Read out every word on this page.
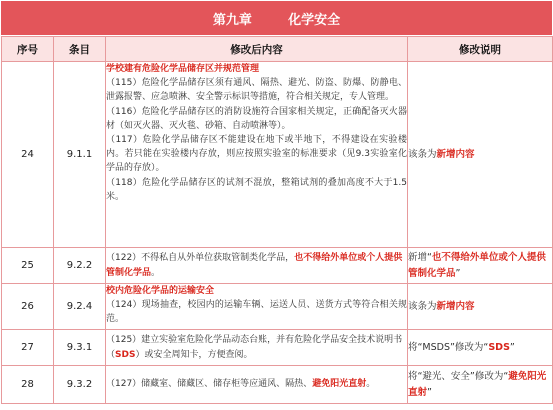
第九章
	化学安全
序号	条目	修改后内容	修改说明
24	9.1.1	学校建有危险化学品储存区并规范管理
（115）危险化学品储存区须有通风、隔热、避光、防盗、防爆、防静电、泄露报警、应急喷淋、安全警示标识等措施，符合相关规定，专人管理。
（116）危险化学品储存区的消防设施符合国家相关规定，正确配备灭火器材（如灭火器、灭火毯、砂箱、自动喷淋等）。
（117）危险化学品储存区不能建设在地下或半地下，不得建设在实验楼内。若只能在实验楼内存放，则应按照实验室的标准要求（见9.3实验室化学品的存放）。
（118）危险化学品储存区的试剂不混放，整箱试剂的叠加高度不大于1.5米。	该条为新增内容
25	9.2.2	（122）不得私自从外单位获取管制类化学品，也不得给外单位或个人提供管制化学品。	新增“也不得给外单位或个人提供管制化学品”
26	9.2.4	校内危险化学品的运输安全
（124）现场抽查，校园内的运输车辆、运送人员、送货方式等符合相关规范。	该条为新增内容
27	9.3.1	（125）建立实验室危险化学品动态台账，并有危险化学品安全技术说明书（SDS）或安全周知卡，方便查阅。	将“MSDS”修改为“SDS”
28	9.3.2	（127）储藏室、储藏区、储存柜等应通风、隔热、避免阳光直射。	将“避光、安全”修改为“避免阳光直射”
